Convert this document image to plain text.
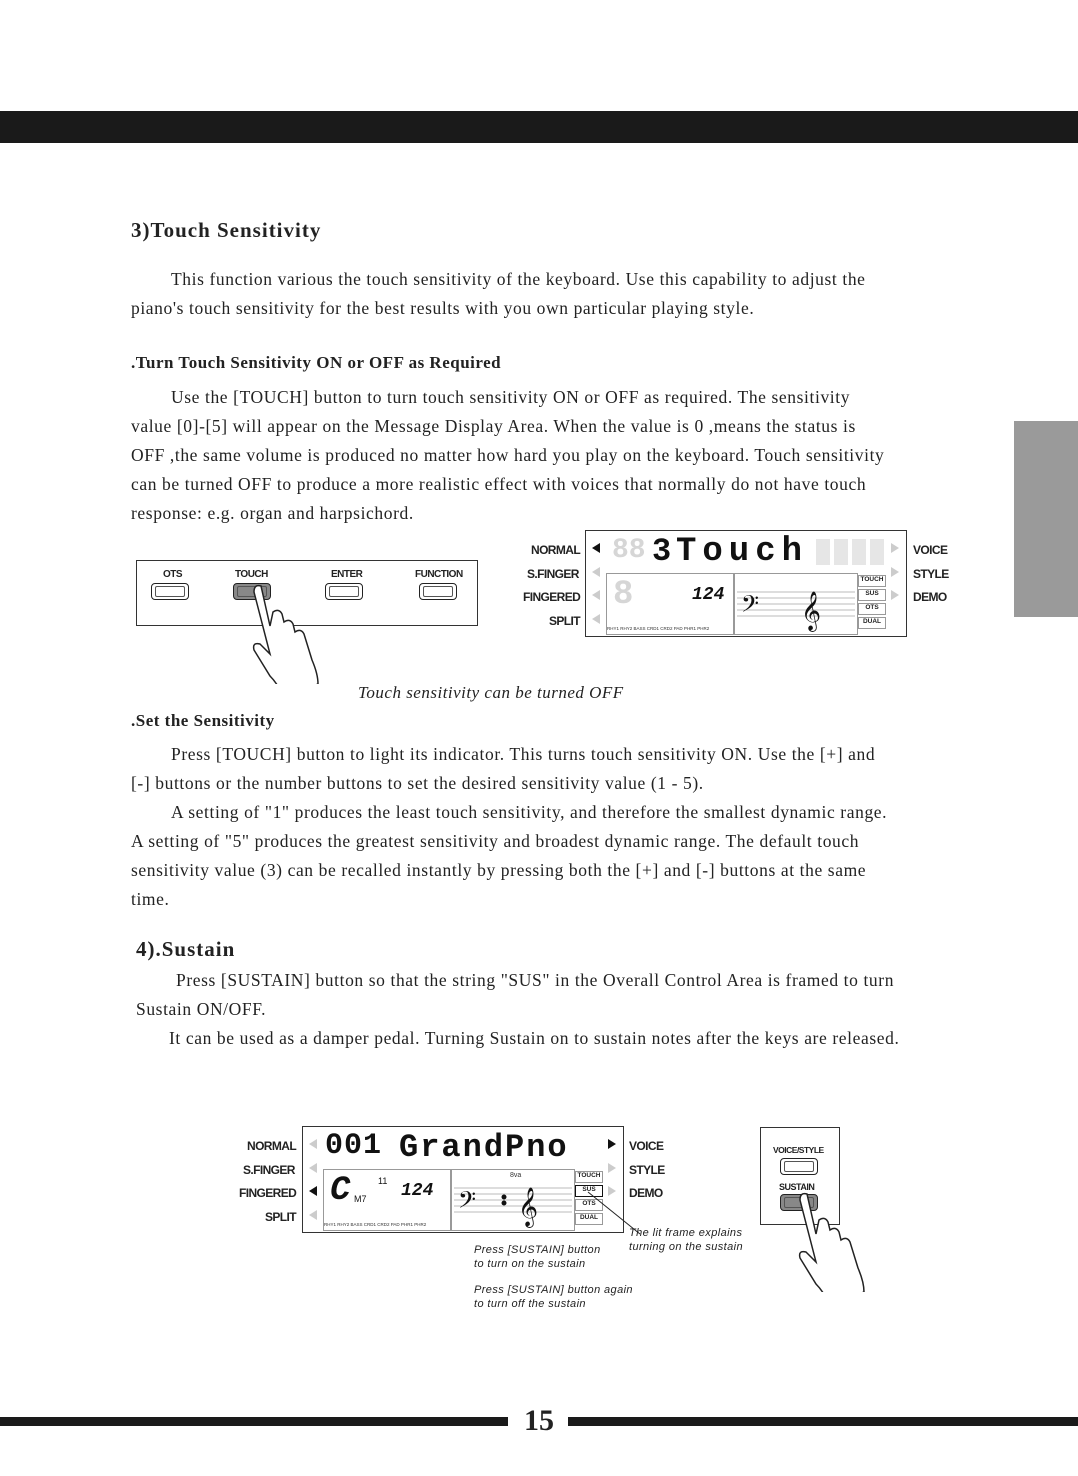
3)Touch Sensitivity

This function various the touch sensitivity of the keyboard. Use this capability to adjust the

piano's touch sensitivity for the best results with you own particular playing style.

.Turn Touch Sensitivity ON or OFF as Required

Use the [TOUCH] button to turn touch sensitivity ON or OFF as required. The sensitivity

value [0]-[5] will appear on the Message Display Area. When the value is 0 ,means the status is

OFF ,the same volume is produced no matter how hard you play on the keyboard. Touch sensitivity

can be turned OFF to produce a more realistic effect with voices that normally do not have touch

response: e.g. organ and harpsichord.

OTS	TOUCH	ENTER	FUNCTION
NORMAL
S.FINGER
FINGERED
SPLIT
VOICE
STYLE
DEMO
88 3 Touch
8
RHY1 RHY2 BASS CRD1 CRD2 PAD PHR1 PHR2
124 𝄢 𝄞
TOUCH
SUS
OTS
DUAL
Touch sensitivity can be turned OFF
.Set the Sensitivity

Press [TOUCH] button to light its indicator. This turns touch sensitivity ON. Use the [+] and

[-] buttons or the number buttons to set the desired sensitivity value (1 - 5).

A setting of "1" produces the least touch sensitivity, and therefore the smallest dynamic range.

A setting of "5" produces the greatest sensitivity and broadest dynamic range. The default touch

sensitivity value (3) can be recalled instantly by pressing both the [+] and [-] buttons at the same

time.

4).Sustain

Press [SUSTAIN] button so that the string "SUS" in the Overall Control Area is framed to turn

Sustain ON/OFF.

It can be used as a damper pedal. Turning Sustain on to sustain notes after the keys are released.

NORMAL
S.FINGER
FINGERED
SPLIT
VOICE
STYLE
DEMO
001 GrandPno
C M7
11
RHY1 RHY2 BASS CRD1 CRD2 PAD PHR1 PHR2
124
8va
𝄢 𝄞
TOUCH
SUS
OTS
DUAL
The lit frame explains
turning on the sustain
Press [SUSTAIN] button
to turn on the sustain
Press [SUSTAIN] button again
to turn off the sustain
VOICE/STYLE
SUSTAIN
15
